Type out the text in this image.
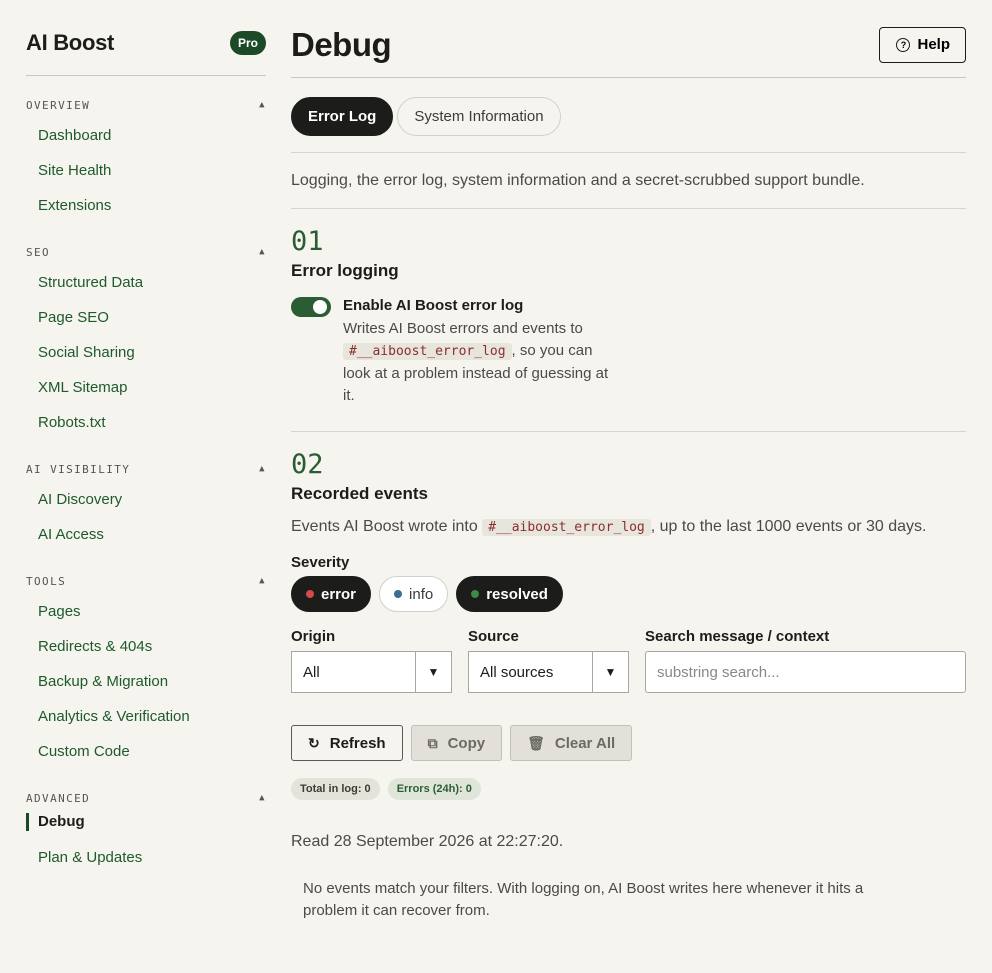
AI Boost	Pro
OVERVIEW	▲
Dashboard
Site Health
Extensions
SEO	▲
Structured Data
Page SEO
Social Sharing
XML Sitemap
Robots.txt
AI VISIBILITY	▲
AI Discovery
AI Access
TOOLS	▲
Pages
Redirects & 404s
Backup & Migration
Analytics & Verification
Custom Code
ADVANCED	▲
Debug
Plan & Updates
Debug	? Help
Error Log	System Information

Logging, the error log, system information and a secret-scrubbed support bundle.

01
Error logging
Enable AI Boost error log
Writes AI Boost errors and events to #__aiboost_error_log , so you can look at a problem instead of guessing at it.
02
Recorded events

Events AI Boost wrote into #__aiboost_error_log , up to the last 1000 events or 30 days.

Severity
error	info	resolved
Origin
All	▼
Source
All sources	▼
Search message / context
substring search...
↻ Refresh	⧉ Copy	🗑 Clear All
Total in log: 0	Errors (24h): 0

Read 28 September 2026 at 22:27:20.

No events match your filters. With logging on, AI Boost writes here whenever it hits a problem it can recover from.
